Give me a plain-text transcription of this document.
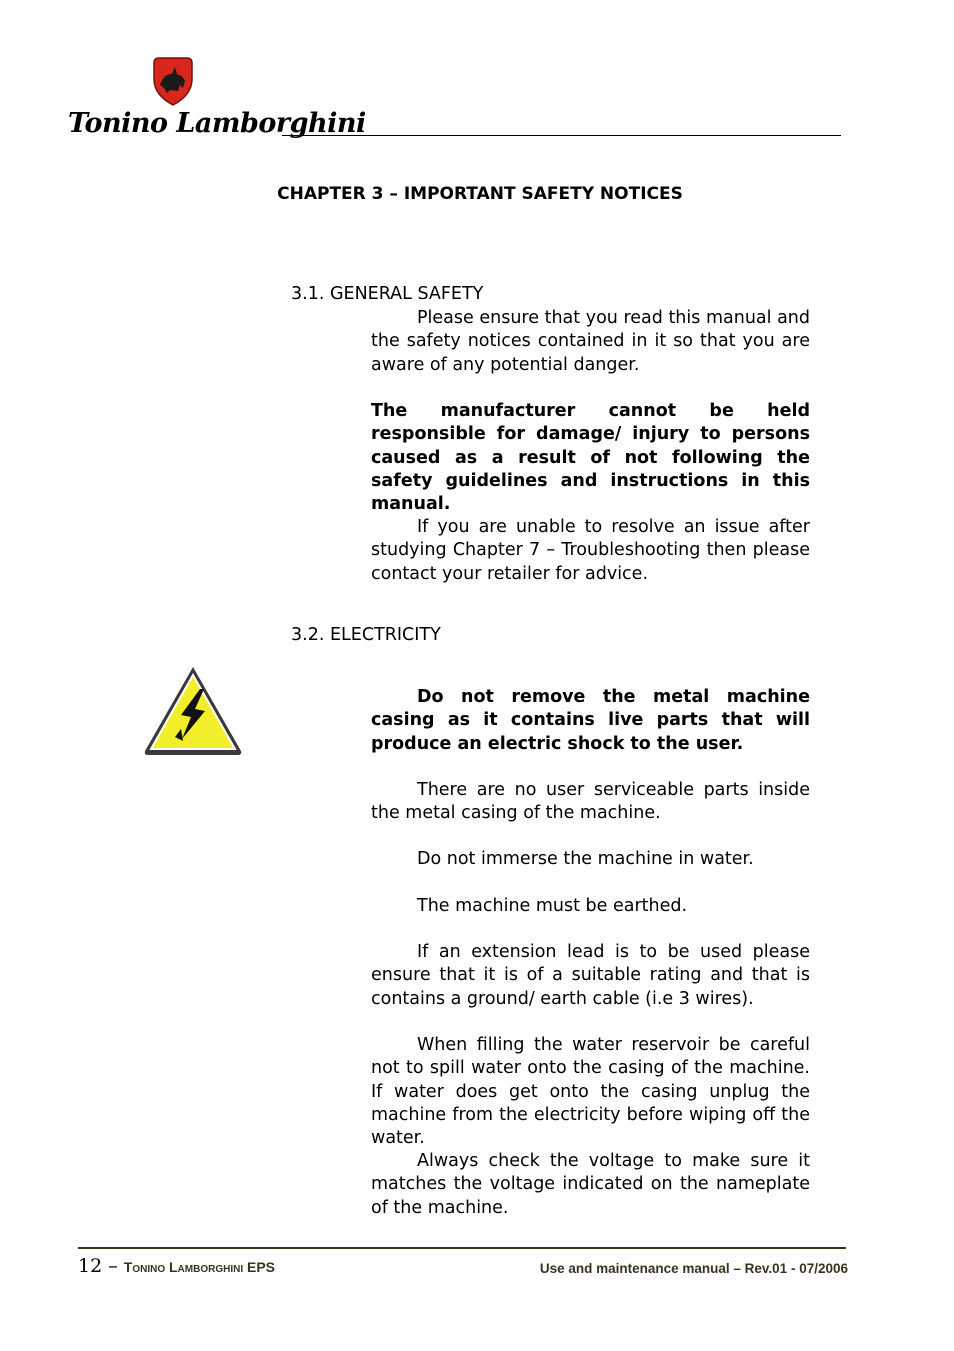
Tonino Lamborghini
CHAPTER 3 – IMPORTANT SAFETY NOTICES
3.1. GENERAL SAFETY

Please ensure that you read this manual and the safety notices contained in it so that you are aware of any potential danger.

The manufacturer cannot be held responsible for damage/ injury to persons caused as a result of not following the safety guidelines and instructions in this manual.

If you are unable to resolve an issue after studying Chapter 7 – Troubleshooting then please contact your retailer for advice.

3.2. ELECTRICITY

Do not remove the metal machine casing as it contains live parts that will produce an electric shock to the user.

There are no user serviceable parts inside the metal casing of the machine.

Do not immerse the machine in water.

The machine must be earthed.

If an extension lead is to be used please ensure that it is of a suitable rating and that is contains a ground/ earth cable (i.e 3 wires).

When filling the water reservoir be careful not to spill water onto the casing of the machine. If water does get onto the casing unplug the machine from the electricity before wiping off the water.

Always check the voltage to make sure it matches the voltage indicated on the nameplate of the machine.

12 – Tonino Lamborghini EPS	Use and maintenance manual – Rev.01 - 07/2006
